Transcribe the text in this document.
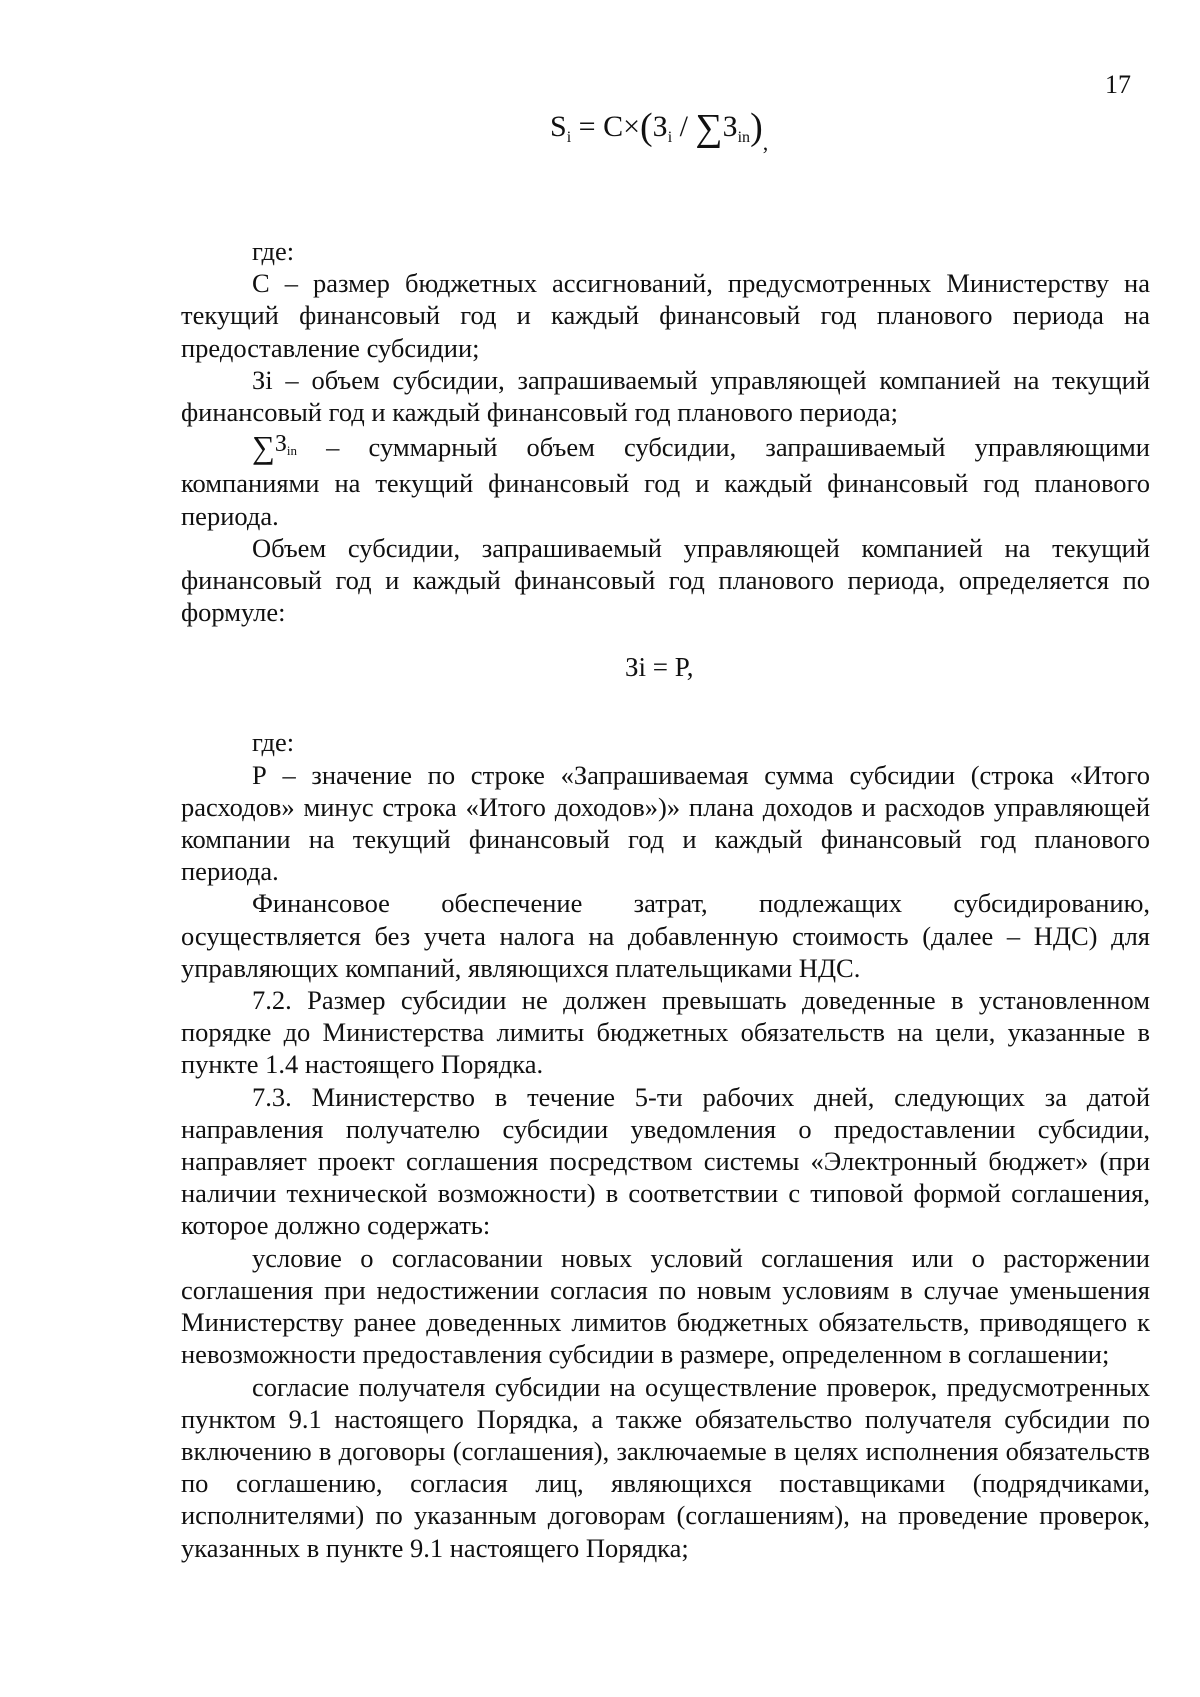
17
$S_i = C\times(З_i / \sum З_{in})_,$

где:

С – размер бюджетных ассигнований, предусмотренных Министерству на текущий финансовый год и каждый финансовый год планового периода на предоставление субсидии;

Зi – объем субсидии, запрашиваемый управляющей компанией на текущий финансовый год и каждый финансовый год планового периода;

∑Зin – суммарный объем субсидии, запрашиваемый управляющими компаниями на текущий финансовый год и каждый финансовый год планового периода.

Объем субсидии, запрашиваемый управляющей компанией на текущий финансовый год и каждый финансовый год планового периода, определяется по формуле:

где:

Р – значение по строке «Запрашиваемая сумма субсидии (строка «Итого расходов» минус строка «Итого доходов»)» плана доходов и расходов управляющей компании на текущий финансовый год и каждый финансовый год планового периода.

Финансовое обеспечение затрат, подлежащих субсидированию, осуществляется без учета налога на добавленную стоимость (далее – НДС) для управляющих компаний, являющихся плательщиками НДС.

7.2. Размер субсидии не должен превышать доведенные в установленном порядке до Министерства лимиты бюджетных обязательств на цели, указанные в пункте 1.4 настоящего Порядка.

7.3. Министерство в течение 5-ти рабочих дней, следующих за датой направления получателю субсидии уведомления о предоставлении субсидии, направляет проект соглашения посредством системы «Электронный бюджет» (при наличии технической возможности) в соответствии с типовой формой соглашения, которое должно содержать:

условие о согласовании новых условий соглашения или о расторжении соглашения при недостижении согласия по новым условиям в случае уменьшения Министерству ранее доведенных лимитов бюджетных обязательств, приводящего к невозможности предоставления субсидии в размере, определенном в соглашении;

согласие получателя субсидии на осуществление проверок, предусмотренных пунктом 9.1 настоящего Порядка, а также обязательство получателя субсидии по включению в договоры (соглашения), заключаемые в целях исполнения обязательств по соглашению, согласия лиц, являющихся поставщиками (подрядчиками, исполнителями) по указанным договорам (соглашениям), на проведение проверок, указанных в пункте 9.1 настоящего Порядка;

Зi = P,
